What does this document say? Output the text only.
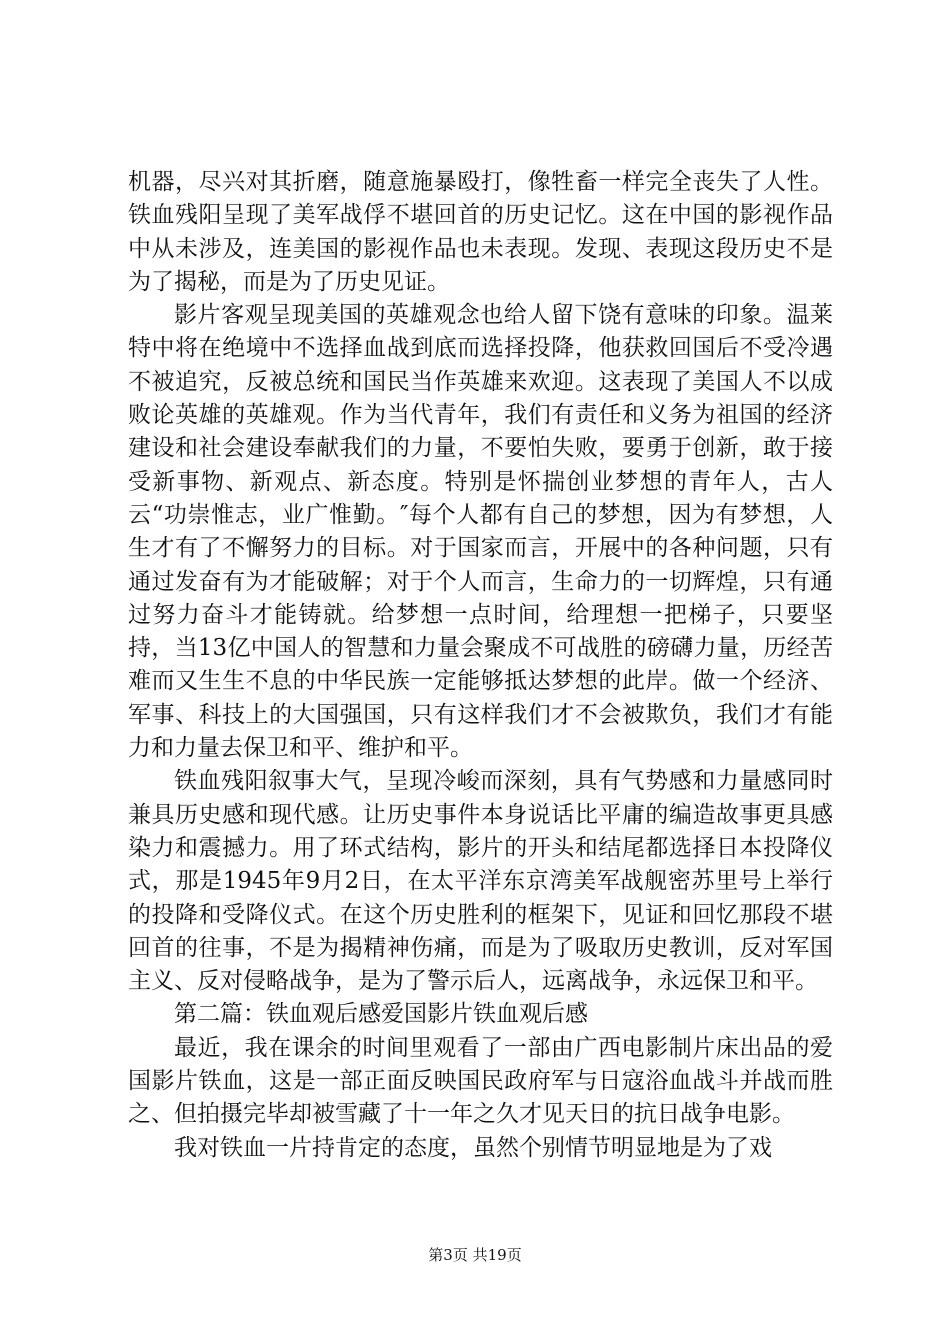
机器，尽兴对其折磨，随意施暴殴打，像牲畜一样完全丧失了人性。铁血残阳呈现了美军战俘不堪回首的历史记忆。这在中国的影视作品中从未涉及，连美国的影视作品也未表现。发现、表现这段历史不是为了揭秘，而是为了历史见证。

影片客观呈现美国的英雄观念也给人留下饶有意味的印象。温莱特中将在绝境中不选择血战到底而选择投降，他获救回国后不受冷遇不被追究，反被总统和国民当作英雄来欢迎。这表现了美国人不以成败论英雄的英雄观。作为当代青年，我们有责任和义务为祖国的经济建设和社会建设奉献我们的力量，不要怕失败，要勇于创新，敢于接受新事物、新观点、新态度。特别是怀揣创业梦想的青年人，古人云“功崇惟志，业广惟勤。″每个人都有自己的梦想，因为有梦想，人生才有了不懈努力的目标。对于国家而言，开展中的各种问题，只有通过发奋有为才能破解；对于个人而言，生命力的一切辉煌，只有通过努力奋斗才能铸就。给梦想一点时间，给理想一把梯子，只要坚持，当13亿中国人的智慧和力量会聚成不可战胜的磅礴力量，历经苦难而又生生不息的中华民族一定能够抵达梦想的此岸。做一个经济、军事、科技上的大国强国，只有这样我们才不会被欺负，我们才有能力和力量去保卫和平、维护和平。

铁血残阳叙事大气，呈现冷峻而深刻，具有气势感和力量感同时兼具历史感和现代感。让历史事件本身说话比平庸的编造故事更具感染力和震撼力。用了环式结构，影片的开头和结尾都选择日本投降仪式，那是1945年9月2日，在太平洋东京湾美军战舰密苏里号上举行的投降和受降仪式。在这个历史胜利的框架下，见证和回忆那段不堪回首的往事，不是为揭精神伤痛，而是为了吸取历史教训，反对军国主义、反对侵略战争，是为了警示后人，远离战争，永远保卫和平。

第二篇：铁血观后感爱国影片铁血观后感

最近，我在课余的时间里观看了一部由广西电影制片床出品的爱国影片铁血，这是一部正面反映国民政府军与日寇浴血战斗并战而胜之、但拍摄完毕却被雪藏了十一年之久才见天日的抗日战争电影。

我对铁血一片持肯定的态度，虽然个别情节明显地是为了戏

第3页 共19页
